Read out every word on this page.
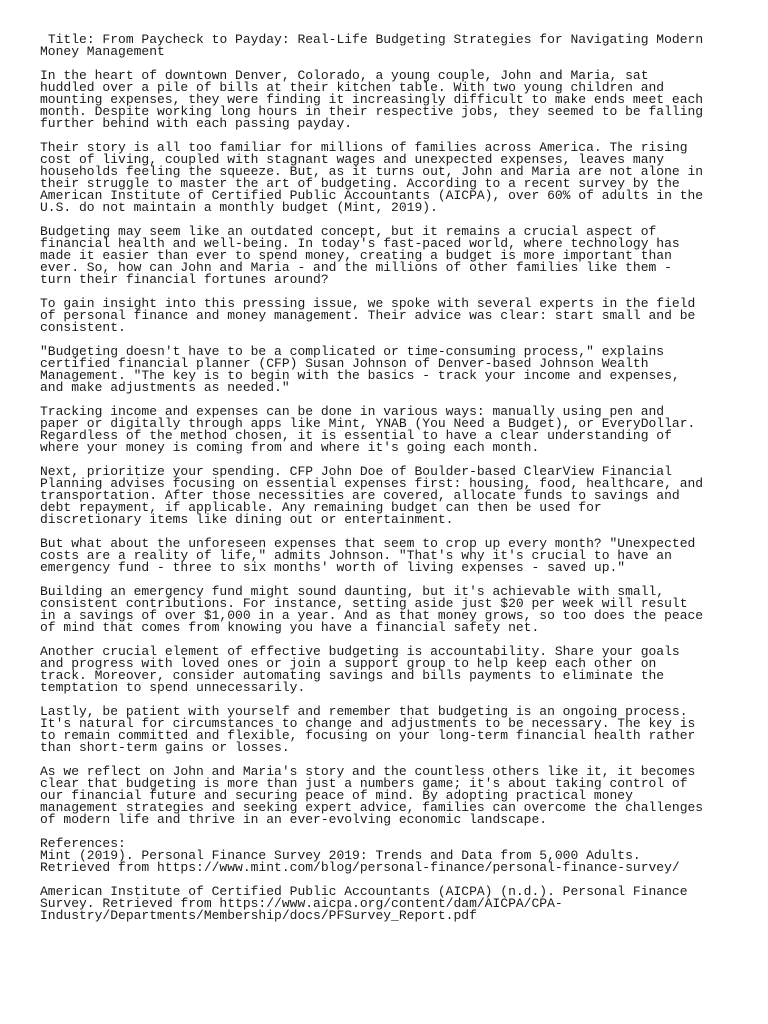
Title: From Paycheck to Payday: Real-Life Budgeting Strategies for Navigating Modern
Money Management

In the heart of downtown Denver, Colorado, a young couple, John and Maria, sat
huddled over a pile of bills at their kitchen table. With two young children and
mounting expenses, they were finding it increasingly difficult to make ends meet each
month. Despite working long hours in their respective jobs, they seemed to be falling
further behind with each passing payday.

Their story is all too familiar for millions of families across America. The rising
cost of living, coupled with stagnant wages and unexpected expenses, leaves many
households feeling the squeeze. But, as it turns out, John and Maria are not alone in
their struggle to master the art of budgeting. According to a recent survey by the
American Institute of Certified Public Accountants (AICPA), over 60% of adults in the
U.S. do not maintain a monthly budget (Mint, 2019).

Budgeting may seem like an outdated concept, but it remains a crucial aspect of
financial health and well-being. In today's fast-paced world, where technology has
made it easier than ever to spend money, creating a budget is more important than
ever. So, how can John and Maria - and the millions of other families like them -
turn their financial fortunes around?

To gain insight into this pressing issue, we spoke with several experts in the field
of personal finance and money management. Their advice was clear: start small and be
consistent.

"Budgeting doesn't have to be a complicated or time-consuming process," explains
certified financial planner (CFP) Susan Johnson of Denver-based Johnson Wealth
Management. "The key is to begin with the basics - track your income and expenses,
and make adjustments as needed."

Tracking income and expenses can be done in various ways: manually using pen and
paper or digitally through apps like Mint, YNAB (You Need a Budget), or EveryDollar.
Regardless of the method chosen, it is essential to have a clear understanding of
where your money is coming from and where it's going each month.

Next, prioritize your spending. CFP John Doe of Boulder-based ClearView Financial
Planning advises focusing on essential expenses first: housing, food, healthcare, and
transportation. After those necessities are covered, allocate funds to savings and
debt repayment, if applicable. Any remaining budget can then be used for
discretionary items like dining out or entertainment.

But what about the unforeseen expenses that seem to crop up every month? "Unexpected
costs are a reality of life," admits Johnson. "That's why it's crucial to have an
emergency fund - three to six months' worth of living expenses - saved up."

Building an emergency fund might sound daunting, but it's achievable with small,
consistent contributions. For instance, setting aside just $20 per week will result
in a savings of over $1,000 in a year. And as that money grows, so too does the peace
of mind that comes from knowing you have a financial safety net.

Another crucial element of effective budgeting is accountability. Share your goals
and progress with loved ones or join a support group to help keep each other on
track. Moreover, consider automating savings and bills payments to eliminate the
temptation to spend unnecessarily.

Lastly, be patient with yourself and remember that budgeting is an ongoing process.
It's natural for circumstances to change and adjustments to be necessary. The key is
to remain committed and flexible, focusing on your long-term financial health rather
than short-term gains or losses.

As we reflect on John and Maria's story and the countless others like it, it becomes
clear that budgeting is more than just a numbers game; it's about taking control of
our financial future and securing peace of mind. By adopting practical money
management strategies and seeking expert advice, families can overcome the challenges
of modern life and thrive in an ever-evolving economic landscape.

References:

Mint (2019). Personal Finance Survey 2019: Trends and Data from 5,000 Adults.
Retrieved from https://www.mint.com/blog/personal-finance/personal-finance-survey/

American Institute of Certified Public Accountants (AICPA) (n.d.). Personal Finance
Survey. Retrieved from https://www.aicpa.org/content/dam/AICPA/CPA-
Industry/Departments/Membership/docs/PFSurvey_Report.pdf
